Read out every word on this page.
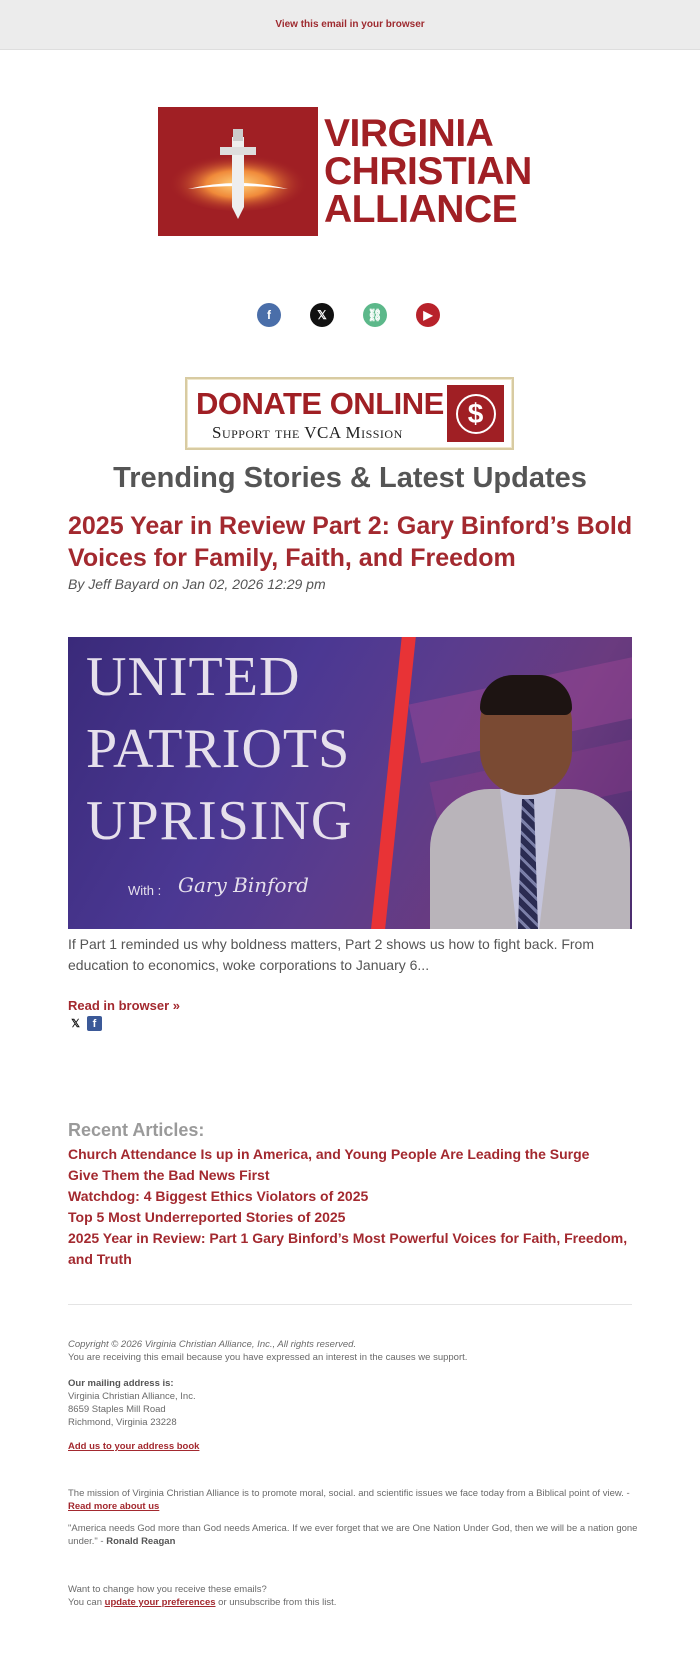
View this email in your browser
VIRGINIA
CHRISTIAN
ALLIANCE
f	𝕏	⛓	▶
DONATE ONLINE
Support the VCA Mission
$
Trending Stories & Latest Updates
2025 Year in Review Part 2: Gary Binford’s Bold Voices for Family, Faith, and Freedom
By Jeff Bayard on Jan 02, 2026 12:29 pm
UNITED
PATRIOTS
UPRISING
With : Gary Binford
If Part 1 reminded us why boldness matters, Part 2 shows us how to fight back. From education to economics, woke corporations to January 6...
Read in browser »
𝕏	f
Recent Articles:
Church Attendance Is up in America, and Young People Are Leading the Surge
Give Them the Bad News First
Watchdog: 4 Biggest Ethics Violators of 2025
Top 5 Most Underreported Stories of 2025
2025 Year in Review: Part 1 Gary Binford’s Most Powerful Voices for Faith, Freedom, and Truth
Copyright © 2026 Virginia Christian Alliance, Inc., All rights reserved.
You are receiving this email because you have expressed an interest in the causes we support.
Our mailing address is:
Virginia Christian Alliance, Inc.
8659 Staples Mill Road
Richmond, Virginia 23228
Add us to your address book
The mission of Virginia Christian Alliance is to promote moral, social. and scientific issues we face today from a Biblical point of view. - Read more about us
"America needs God more than God needs America. If we ever forget that we are One Nation Under God, then we will be a nation gone under." - Ronald Reagan
Want to change how you receive these emails?
You can update your preferences or unsubscribe from this list.
